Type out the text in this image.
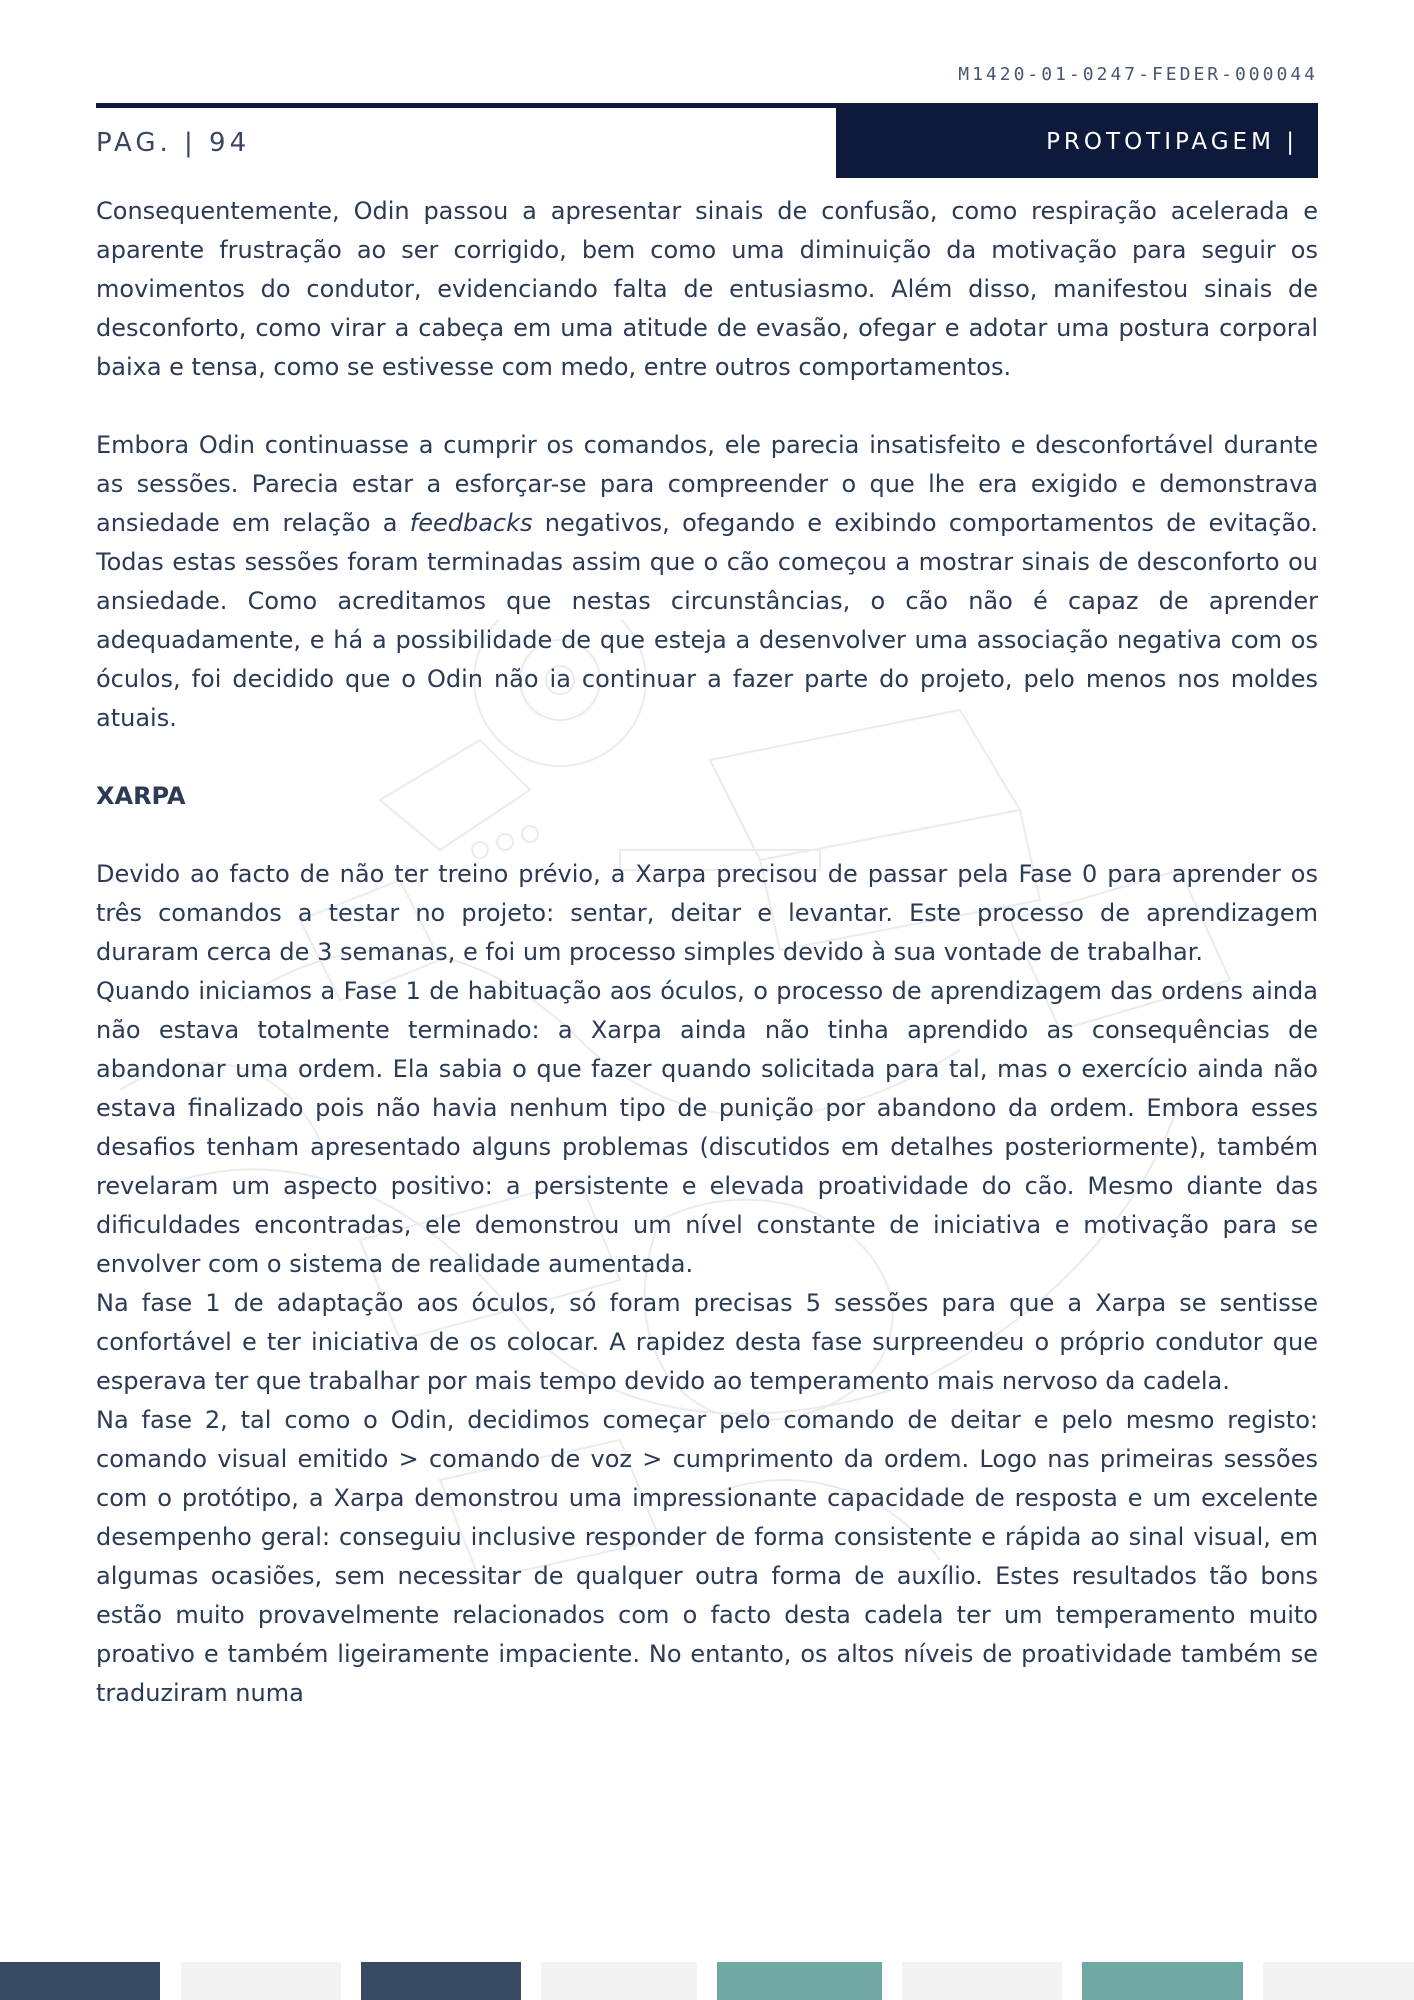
M1420-01-0247-FEDER-000044
PAG. | 94	PROTOTIPAGEM |

Consequentemente, Odin passou a apresentar sinais de confusão, como respiração acelerada e aparente frustração ao ser corrigido, bem como uma diminuição da motivação para seguir os movimentos do condutor, evidenciando falta de entusiasmo. Além disso, manifestou sinais de desconforto, como virar a cabeça em uma atitude de evasão, ofegar e adotar uma postura corporal baixa e tensa, como se estivesse com medo, entre outros comportamentos.

Embora Odin continuasse a cumprir os comandos, ele parecia insatisfeito e desconfortável durante as sessões. Parecia estar a esforçar-se para compreender o que lhe era exigido e demonstrava ansiedade em relação a feedbacks negativos, ofegando e exibindo comportamentos de evitação. Todas estas sessões foram terminadas assim que o cão começou a mostrar sinais de desconforto ou ansiedade. Como acreditamos que nestas circunstâncias, o cão não é capaz de aprender adequadamente, e há a possibilidade de que esteja a desenvolver uma associação negativa com os óculos, foi decidido que o Odin não ia continuar a fazer parte do projeto, pelo menos nos moldes atuais.

XARPA

Devido ao facto de não ter treino prévio, a Xarpa precisou de passar pela Fase 0 para aprender os três comandos a testar no projeto: sentar, deitar e levantar. Este processo de aprendizagem duraram cerca de 3 semanas, e foi um processo simples devido à sua vontade de trabalhar.

Quando iniciamos a Fase 1 de habituação aos óculos, o processo de aprendizagem das ordens ainda não estava totalmente terminado: a Xarpa ainda não tinha aprendido as consequências de abandonar uma ordem. Ela sabia o que fazer quando solicitada para tal, mas o exercício ainda não estava finalizado pois não havia nenhum tipo de punição por abandono da ordem. Embora esses desafios tenham apresentado alguns problemas (discutidos em detalhes posteriormente), também revelaram um aspecto positivo: a persistente e elevada proatividade do cão. Mesmo diante das dificuldades encontradas, ele demonstrou um nível constante de iniciativa e motivação para se envolver com o sistema de realidade aumentada.

Na fase 1 de adaptação aos óculos, só foram precisas 5 sessões para que a Xarpa se sentisse confortável e ter iniciativa de os colocar. A rapidez desta fase surpreendeu o próprio condutor que esperava ter que trabalhar por mais tempo devido ao temperamento mais nervoso da cadela.

Na fase 2, tal como o Odin, decidimos começar pelo comando de deitar e pelo mesmo registo: comando visual emitido > comando de voz > cumprimento da ordem. Logo nas primeiras sessões com o protótipo, a Xarpa demonstrou uma impressionante capacidade de resposta e um excelente desempenho geral: conseguiu inclusive responder de forma consistente e rápida ao sinal visual, em algumas ocasiões, sem necessitar de qualquer outra forma de auxílio. Estes resultados tão bons estão muito provavelmente relacionados com o facto desta cadela ter um temperamento muito proativo e também ligeiramente impaciente. No entanto, os altos níveis de proatividade também se traduziram numa
